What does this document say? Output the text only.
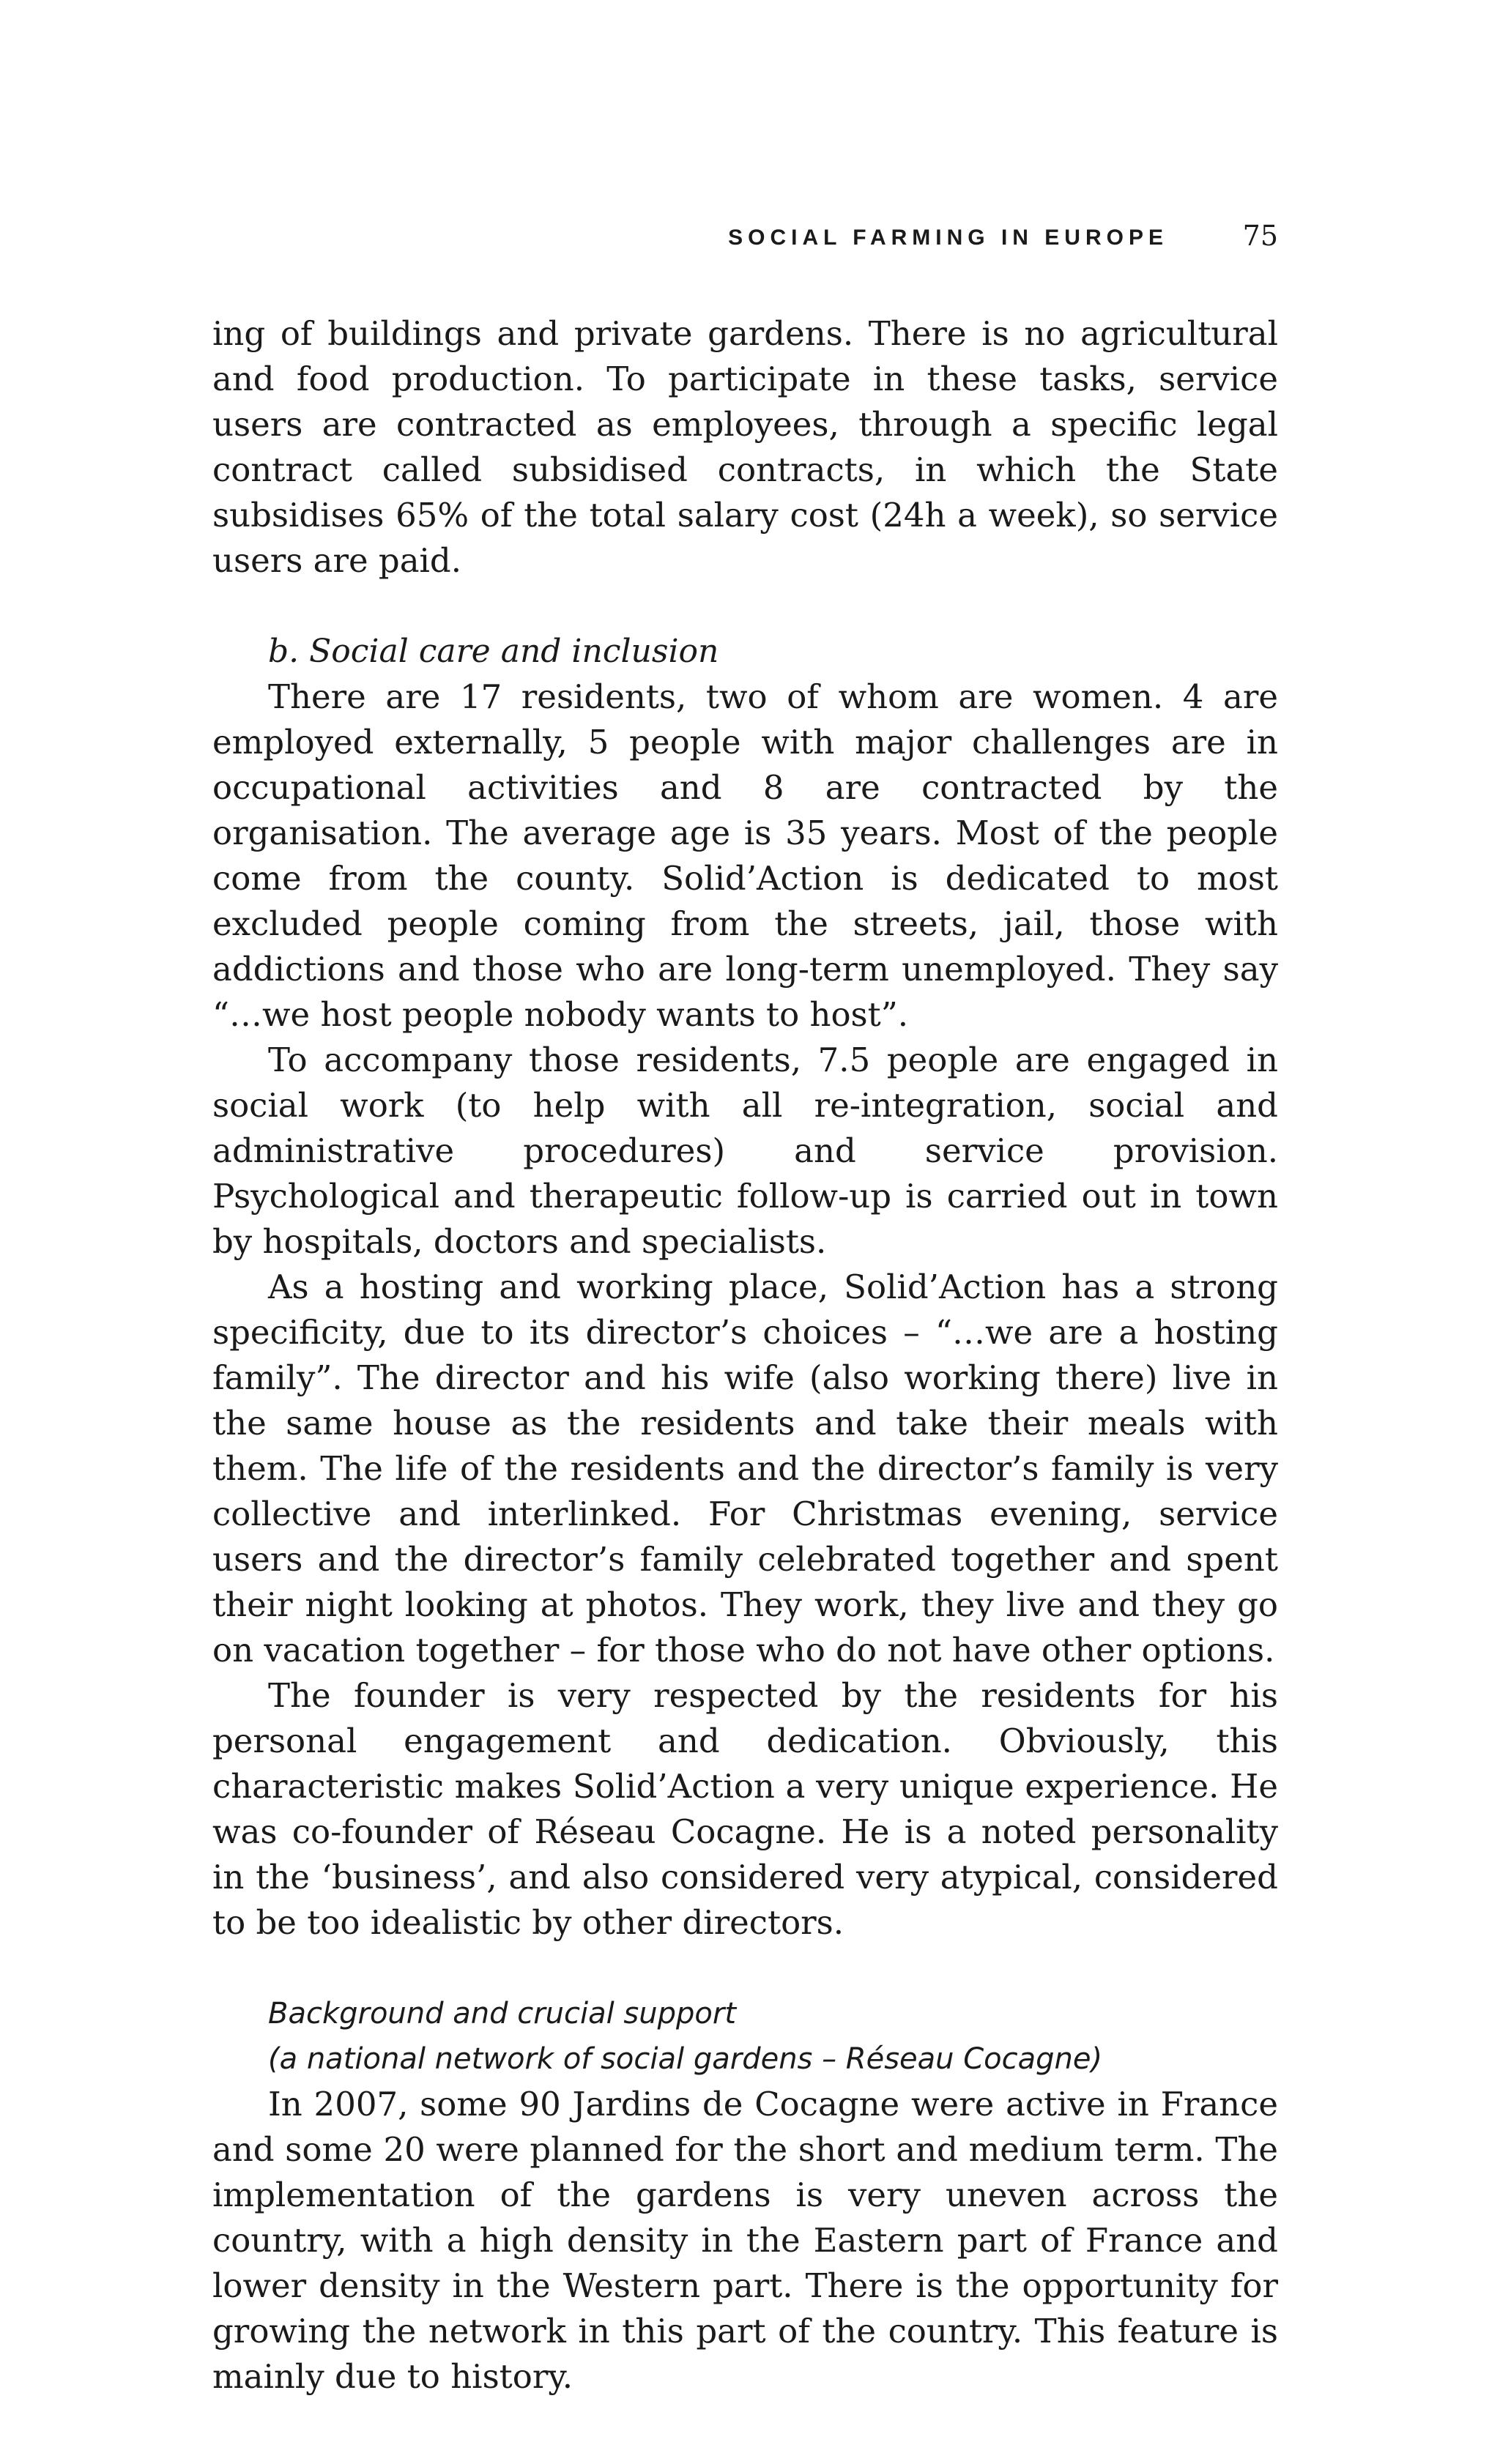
SOCIAL FARMING IN EUROPE	75

ing of buildings and private gardens. There is no agricultural and food production. To participate in these tasks, service users are contracted as employees, through a specific legal contract called subsidised contracts, in which the State subsidises 65% of the total salary cost (24h a week), so service users are paid.

b. Social care and inclusion

There are 17 residents, two of whom are women. 4 are employed externally, 5 people with major challenges are in occupational activities and 8 are contracted by the organisation. The average age is 35 years. Most of the people come from the county. Solid’Action is dedicated to most excluded people coming from the streets, jail, those with addictions and those who are long-term unemployed. They say “…we host people nobody wants to host”.

To accompany those residents, 7.5 people are engaged in social work (to help with all re-integration, social and administrative procedures) and service provision. Psychological and therapeutic follow-up is carried out in town by hospitals, doctors and specialists.

As a hosting and working place, Solid’Action has a strong specificity, due to its director’s choices – “…we are a hosting family”. The director and his wife (also working there) live in the same house as the residents and take their meals with them. The life of the residents and the director’s family is very collective and interlinked. For Christmas evening, service users and the director’s family celebrated together and spent their night looking at photos. They work, they live and they go on vacation together – for those who do not have other options.

The founder is very respected by the residents for his personal engagement and dedication. Obviously, this characteristic makes Solid’Action a very unique experience. He was co-founder of Réseau Cocagne. He is a noted personality in the ‘business’, and also considered very atypical, considered to be too idealistic by other directors.

Background and crucial support

(a national network of social gardens – Réseau Cocagne)

In 2007, some 90 Jardins de Cocagne were active in France and some 20 were planned for the short and medium term. The implementation of the gardens is very uneven across the country, with a high density in the Eastern part of France and lower density in the Western part. There is the opportunity for growing the network in this part of the country. This feature is mainly due to history.
